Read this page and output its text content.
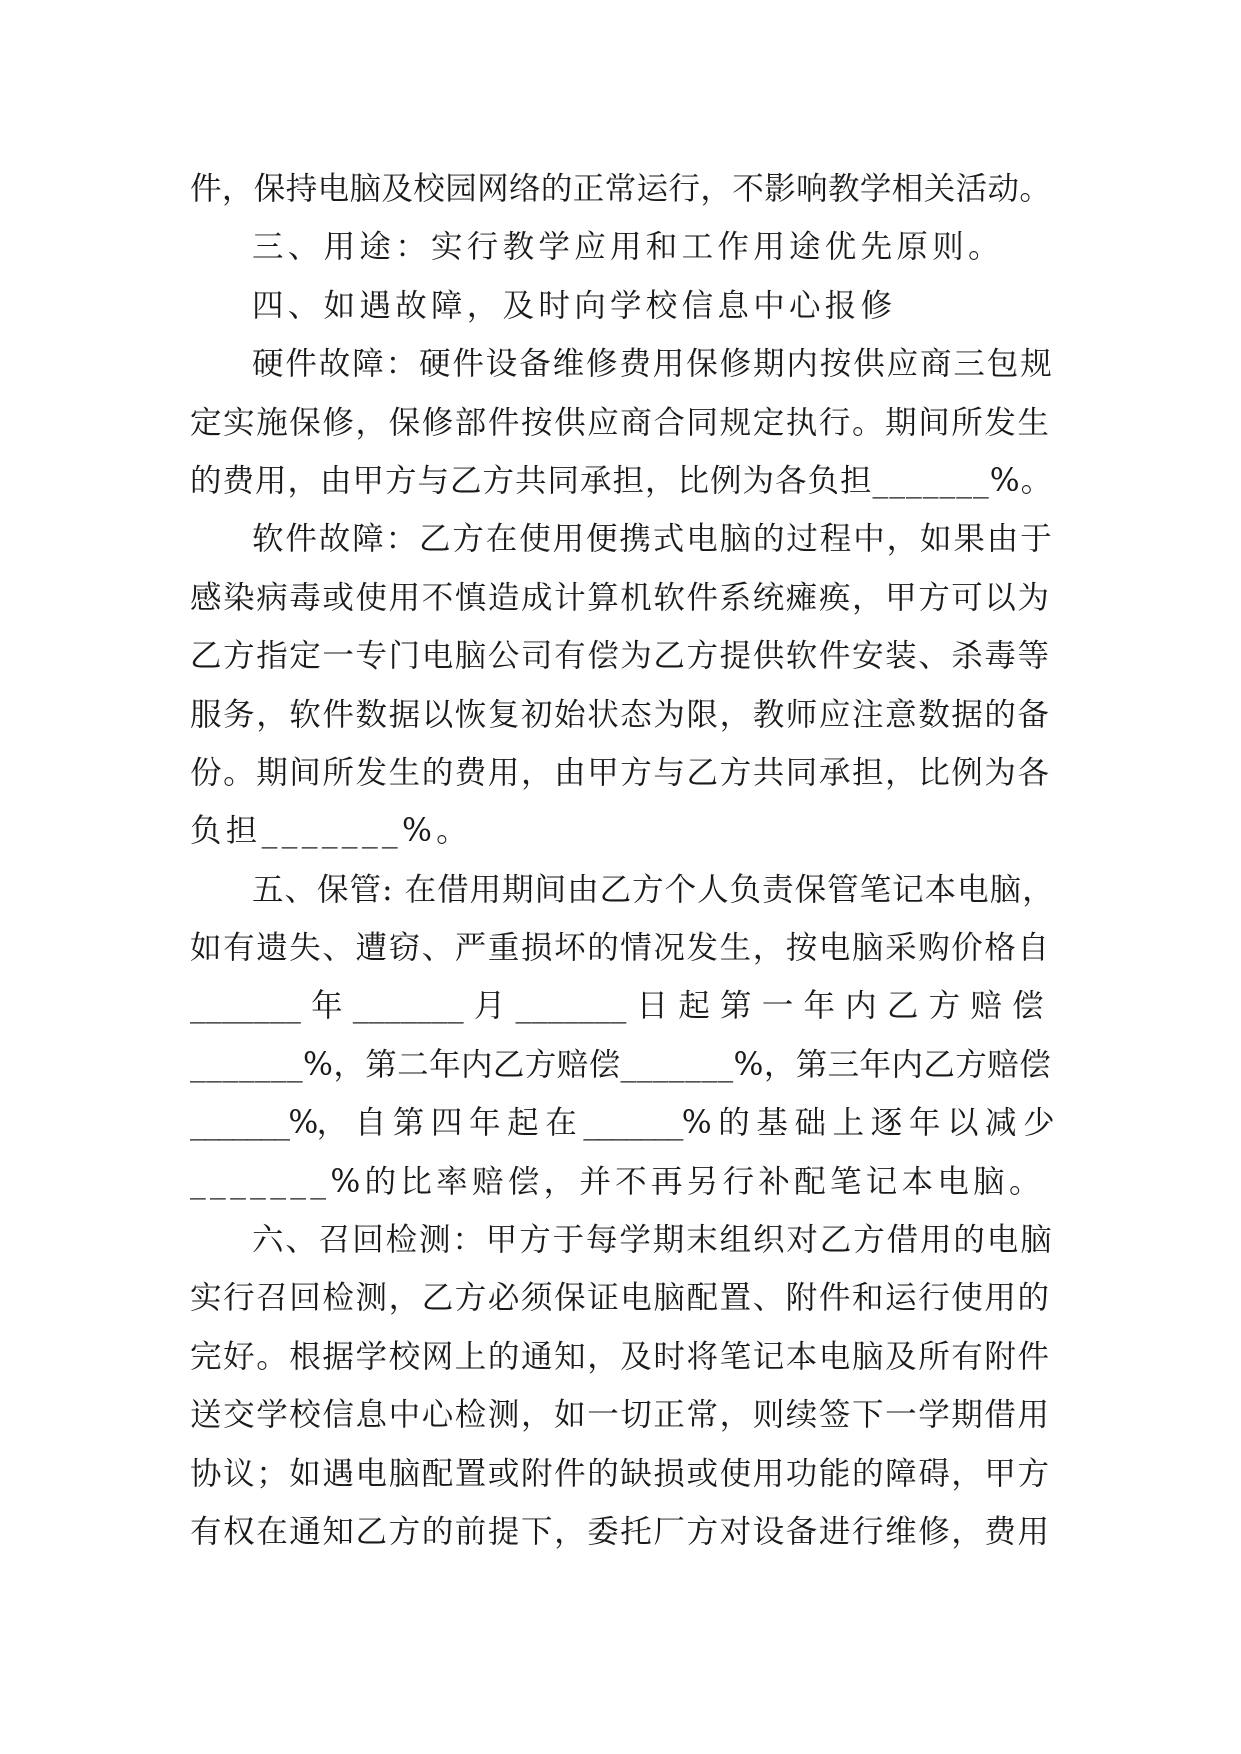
件，保持电脑及校园网络的正常运行，不影响教学相关活动。
三、用途：实行教学应用和工作用途优先原则。
四、如遇故障，及时向学校信息中心报修
硬件故障：硬件设备维修费用保修期内按供应商三包规
定实施保修，保修部件按供应商合同规定执行。期间所发生
的费用，由甲方与乙方共同承担，比例为各负担_______%。
软件故障：乙方在使用便携式电脑的过程中，如果由于
感染病毒或使用不慎造成计算机软件系统瘫痪，甲方可以为
乙方指定一专门电脑公司有偿为乙方提供软件安装、杀毒等
服务，软件数据以恢复初始状态为限，教师应注意数据的备
份。期间所发生的费用，由甲方与乙方共同承担，比例为各
负担_______%。
五、保管: 在借用期间由乙方个人负责保管笔记本电脑，
如有遗失、遭窃、严重损坏的情况发生，按电脑采购价格自
_______ 年 _______ 月 _______ 日 起 第 一 年 内 乙 方 赔 偿
_______%，第二年内乙方赔偿_______%，第三年内乙方赔偿
_______%， 自 第 四 年 起 在 _______% 的 基 础 上 逐 年 以 减 少
_______%的比率赔偿，并不再另行补配笔记本电脑。
六、召回检测：甲方于每学期末组织对乙方借用的电脑
实行召回检测，乙方必须保证电脑配置、附件和运行使用的
完好。根据学校网上的通知，及时将笔记本电脑及所有附件
送交学校信息中心检测，如一切正常，则续签下一学期借用
协议；如遇电脑配置或附件的缺损或使用功能的障碍，甲方
有权在通知乙方的前提下，委托厂方对设备进行维修，费用
